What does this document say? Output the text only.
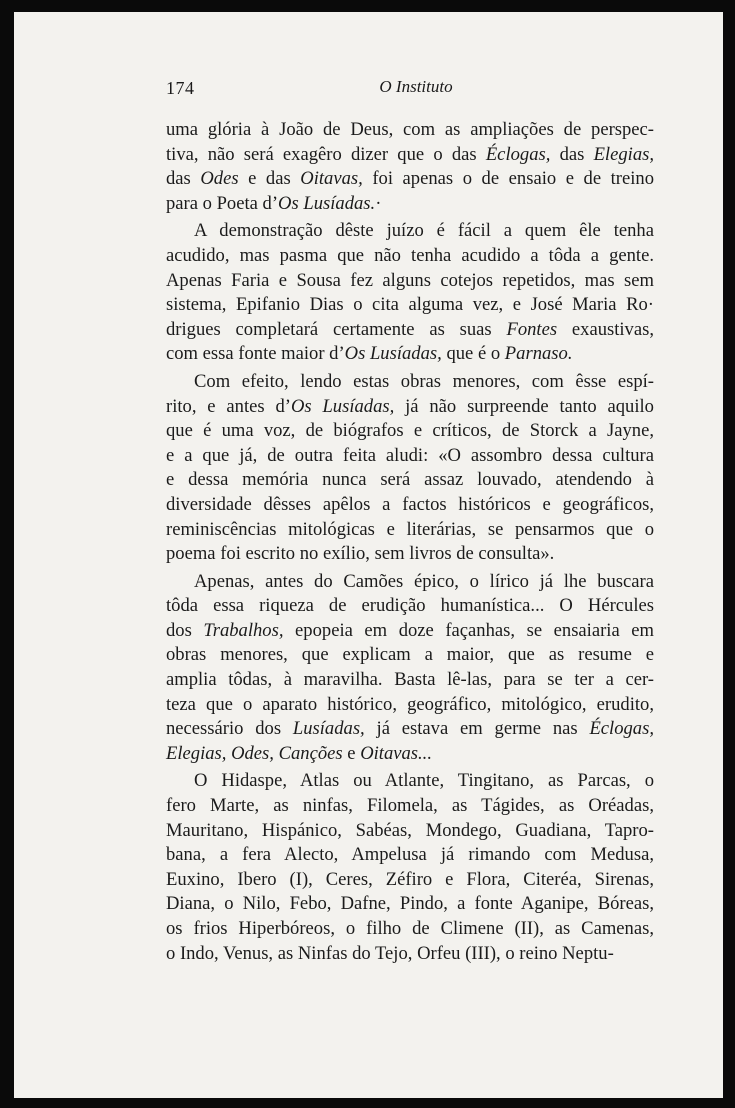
174	O Instituto
uma glória à João de Deus, com as ampliações de perspec-
tiva, não será exagêro dizer que o das Éclogas, das Elegias,
das Odes e das Oitavas, foi apenas o de ensaio e de treino
para o Poeta d’Os Lusíadas.·
A demonstração dêste juízo é fácil a quem êle tenha
acudido, mas pasma que não tenha acudido a tôda a gente.
Apenas Faria e Sousa fez alguns cotejos repetidos, mas sem
sistema, Epifanio Dias o cita alguma vez, e José Maria Ro·
drigues completará certamente as suas Fontes exaustivas,
com essa fonte maior d’Os Lusíadas, que é o Parnaso.
Com efeito, lendo estas obras menores, com êsse espí-
rito, e antes d’Os Lusíadas, já não surpreende tanto aquilo
que é uma voz, de biógrafos e críticos, de Storck a Jayne,
e a que já, de outra feita aludi: «O assombro dessa cultura
e dessa memória nunca será assaz louvado, atendendo à
diversidade dêsses apêlos a factos históricos e geográficos,
reminiscências mitológicas e literárias, se pensarmos que o
poema foi escrito no exílio, sem livros de consulta».
Apenas, antes do Camões épico, o lírico já lhe buscara
tôda essa riqueza de erudição humanística... O Hércules
dos Trabalhos, epopeia em doze façanhas, se ensaiaria em
obras menores, que explicam a maior, que as resume e
amplia tôdas, à maravilha. Basta lê-las, para se ter a cer-
teza que o aparato histórico, geográfico, mitológico, erudito,
necessário dos Lusíadas, já estava em germe nas Éclogas,
Elegias, Odes, Canções e Oitavas...
O Hidaspe, Atlas ou Atlante, Tingitano, as Parcas, o
fero Marte, as ninfas, Filomela, as Tágides, as Oréadas,
Mauritano, Hispánico, Sabéas, Mondego, Guadiana, Tapro-
bana, a fera Alecto, Ampelusa já rimando com Medusa,
Euxino, Ibero (I), Ceres, Zéfiro e Flora, Citeréa, Sirenas,
Diana, o Nilo, Febo, Dafne, Pindo, a fonte Aganipe, Bóreas,
os frios Hiperbóreos, o filho de Climene (II), as Camenas,
o Indo, Venus, as Ninfas do Tejo, Orfeu (III), o reino Neptu-
